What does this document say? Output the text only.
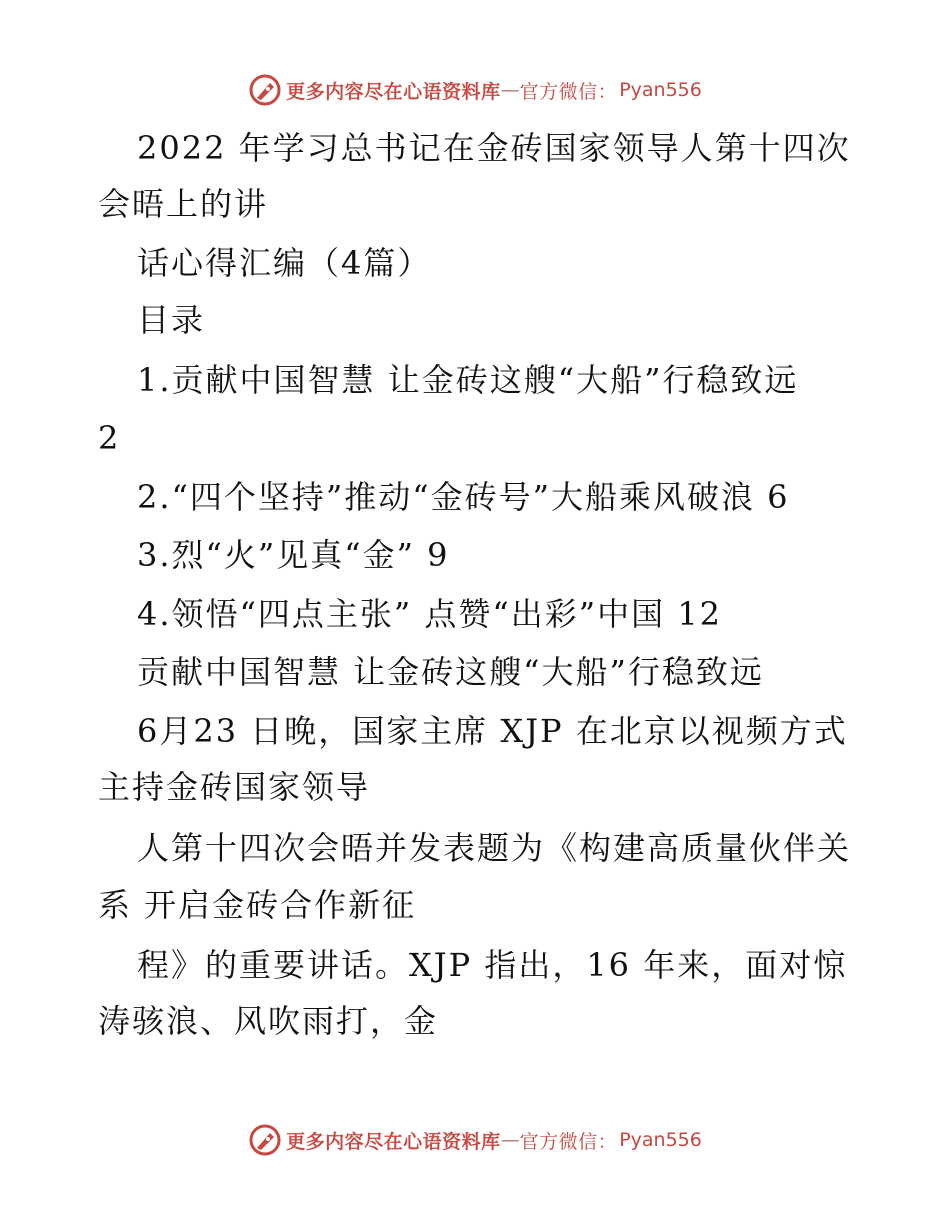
更多内容尽在心语资料库 — 官方微信： Pyan556
2022 年学习总书记在金砖国家领导人第十四次
会晤上的讲
话心得汇编（4篇）
目录
1.贡献中国智慧 让金砖这艘“大船”行稳致远
2
2.“四个坚持”推动“金砖号”大船乘风破浪 6
3.烈“火”见真“金” 9
4.领悟“四点主张” 点赞“出彩”中国 12
贡献中国智慧 让金砖这艘“大船”行稳致远
6月23 日晚，国家主席 XJP 在北京以视频方式
主持金砖国家领导
人第十四次会晤并发表题为《构建高质量伙伴关
系 开启金砖合作新征
程》的重要讲话。XJP 指出，16 年来，面对惊
涛骇浪、风吹雨打，金
更多内容尽在心语资料库 — 官方微信： Pyan556
